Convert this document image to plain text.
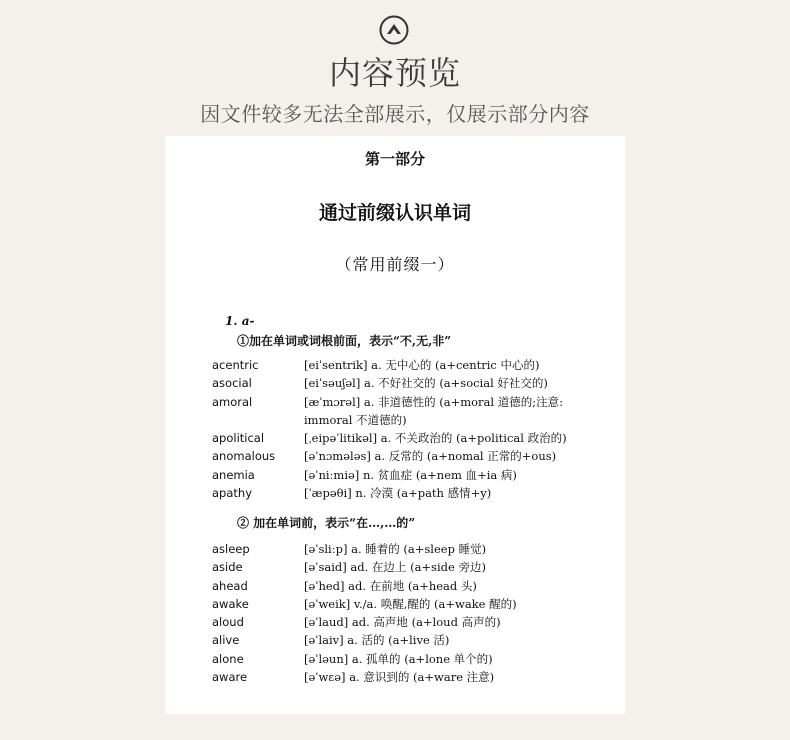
内容预览
因文件较多无法全部展示，仅展示部分内容
第一部分
通过前缀认识单词
（常用前缀一）
1. a-
①加在单词或词根前面，表示“不,无,非”
acentric	[eiˈsentrik] a. 无中心的 (a+centric 中心的)
asocial	[eiˈsəuʃəl] a. 不好社交的 (a+social 好社交的)
amoral	[æˈmɔrəl] a. 非道德性的 (a+moral 道德的;注意: immoral 不道德的)
apolitical	[ˌeipəˈlitikəl] a. 不关政治的 (a+political 政治的)
anomalous	[əˈnɔmələs] a. 反常的 (a+nomal 正常的+ous)
anemia	[əˈniːmiə] n. 贫血症 (a+nem 血+ia 病)
apathy	[ˈæpəθi] n. 冷漠 (a+path 感情+y)
② 加在单词前，表示“在…,…的”
asleep	[əˈsliːp] a. 睡着的 (a+sleep 睡觉)
aside	[əˈsaid] ad. 在边上 (a+side 旁边)
ahead	[əˈhed] ad. 在前地 (a+head 头)
awake	[əˈweik] v./a. 唤醒,醒的 (a+wake 醒的)
aloud	[əˈlaud] ad. 高声地 (a+loud 高声的)
alive	[əˈlaiv] a. 活的 (a+live 活)
alone	[əˈləun] a. 孤单的 (a+lone 单个的)
aware	[əˈwɛə] a. 意识到的 (a+ware 注意)
